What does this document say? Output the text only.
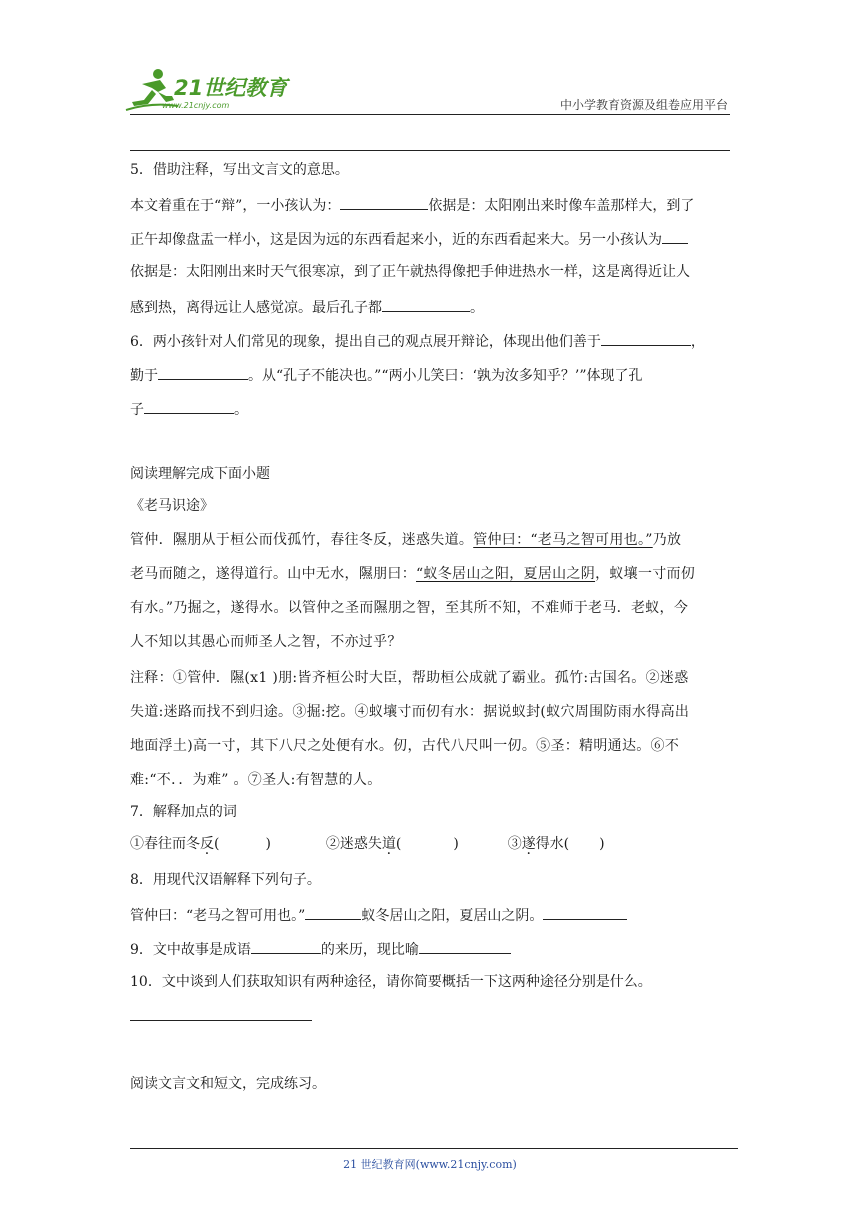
21世纪教育
www.21cnjy.com	中小学教育资源及组卷应用平台
5．借助注释，写出文言文的意思。
本文着重在于“辩”，一小孩认为：	依据是：太阳刚出来时像车盖那样大，到了
正午却像盘盂一样小，这是因为远的东西看起来小，近的东西看起来大。另一小孩认为
依据是：太阳刚出来时天气很寒凉，到了正午就热得像把手伸进热水一样，这是离得近让人
感到热，离得远让人感觉凉。最后孔子都	。
6．两小孩针对人们常见的现象，提出自己的观点展开辩论，体现出他们善于	，
勤于	。从“孔子不能决也。”“两小儿笑曰：‘孰为汝多知乎？’”体现了孔
子	。
阅读理解完成下面小题
《老马识途》
管仲．隰朋从于桓公而伐孤竹，春往冬反，迷惑失道。管仲曰：“老马之智可用也。”乃放
老马而随之，遂得道行。山中无水，隰朋曰：“蚁冬居山之阳，夏居山之阴，蚁壤一寸而仞
有水。”乃掘之，遂得水。以管仲之圣而隰朋之智，至其所不知，不难师于老马．老蚁，今
人不知以其愚心而师圣人之智，不亦过乎？
注释：①管仲．隰(x1 )朋:皆齐桓公时大臣，帮助桓公成就了霸业。孤竹:古国名。②迷惑
失道:迷路而找不到归途。③掘:挖。④蚁壤寸而仞有水：据说蚁封(蚁穴周围防雨水得高出
地面浮土)高一寸，其下八尺之处便有水。仞，古代八尺叫一仞。⑤圣：精明通达。⑥不
难:“不．．为难” 。⑦圣人:有智慧的人。
7．解释加点的词
①春往而冬反(	)	②迷惑失道(	)	③遂得水( )
8．用现代汉语解释下列句子。
管仲曰：“老马之智可用也。”	蚁冬居山之阳，夏居山之阴。
9．文中故事是成语	的来历，现比喻
10．文中谈到人们获取知识有两种途径，请你简要概括一下这两种途径分别是什么。
阅读文言文和短文，完成练习。
21 世纪教育网(www.21cnjy.com)
